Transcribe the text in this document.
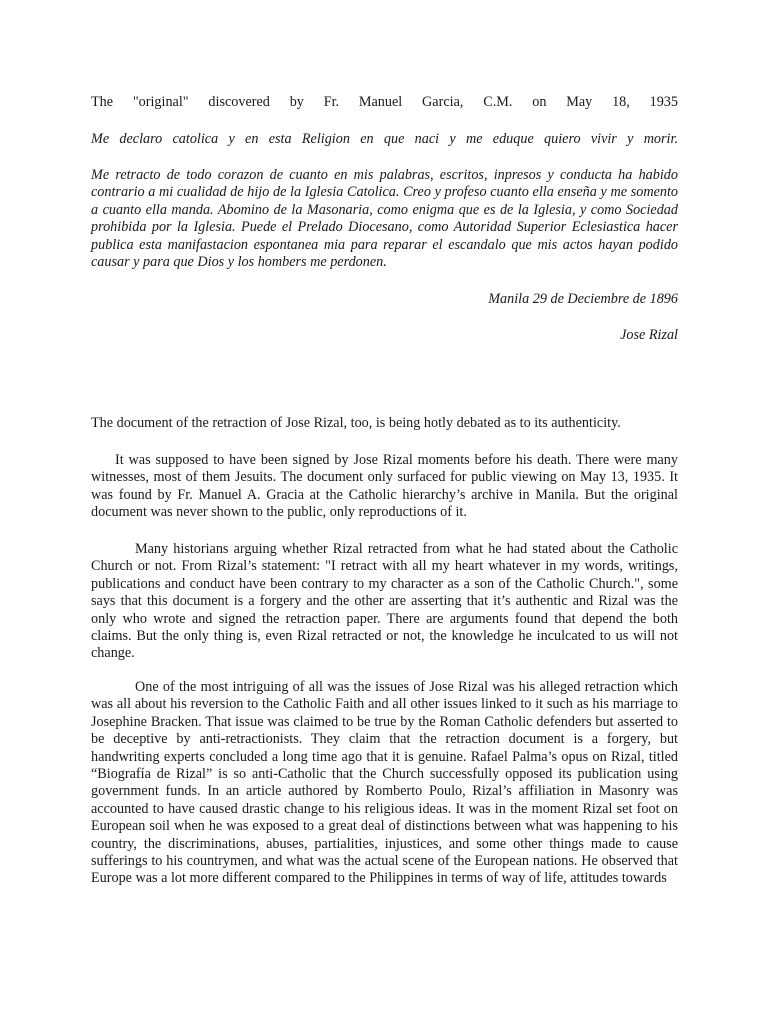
The "original" discovered by Fr. Manuel Garcia, C.M. on May 18, 1935

Me declaro catolica y en esta Religion en que naci y me eduque quiero vivir y morir.

Me retracto de todo corazon de cuanto en mis palabras, escritos, inpresos y conducta ha habido contrario a mi cualidad de hijo de la Iglesia Catolica. Creo y profeso cuanto ella enseña y me somento a cuanto ella manda. Abomino de la Masonaria, como enigma que es de la Iglesia, y como Sociedad prohibida por la Iglesia. Puede el Prelado Diocesano, como Autoridad Superior Eclesiastica hacer publica esta manifastacion espontanea mia para reparar el escandalo que mis actos hayan podido causar y para que Dios y los hombers me perdonen.

Manila 29 de Deciembre de 1896

Jose Rizal

The document of the retraction of Jose Rizal, too, is being hotly debated as to its authenticity.

It was supposed to have been signed by Jose Rizal moments before his death. There were many witnesses, most of them Jesuits. The document only surfaced for public viewing on May 13, 1935. It was found by Fr. Manuel A. Gracia at the Catholic hierarchy’s archive in Manila. But the original document was never shown to the public, only reproductions of it.

Many historians arguing whether Rizal retracted from what he had stated about the Catholic Church or not. From Rizal’s statement: "I retract with all my heart whatever in my words, writings, publications and conduct have been contrary to my character as a son of the Catholic Church.", some says that this document is a forgery and the other are asserting that it’s authentic and Rizal was the only who wrote and signed the retraction paper. There are arguments found that depend the both claims. But the only thing is, even Rizal retracted or not, the knowledge he inculcated to us will not change.

One of the most intriguing of all was the issues of Jose Rizal was his alleged retraction which was all about his reversion to the Catholic Faith and all other issues linked to it such as his marriage to Josephine Bracken. That issue was claimed to be true by the Roman Catholic defenders but asserted to be deceptive by anti-retractionists. They claim that the retraction document is a forgery, but handwriting experts concluded a long time ago that it is genuine. Rafael Palma’s opus on Rizal, titled “Biografía de Rizal” is so anti-Catholic that the Church successfully opposed its publication using government funds. In an article authored by Romberto Poulo, Rizal’s affiliation in Masonry was accounted to have caused drastic change to his religious ideas. It was in the moment Rizal set foot on European soil when he was exposed to a great deal of distinctions between what was happening to his country, the discriminations, abuses, partialities, injustices, and some other things made to cause sufferings to his countrymen, and what was the actual scene of the European nations. He observed that Europe was a lot more different compared to the Philippines in terms of way of life, attitudes towards
